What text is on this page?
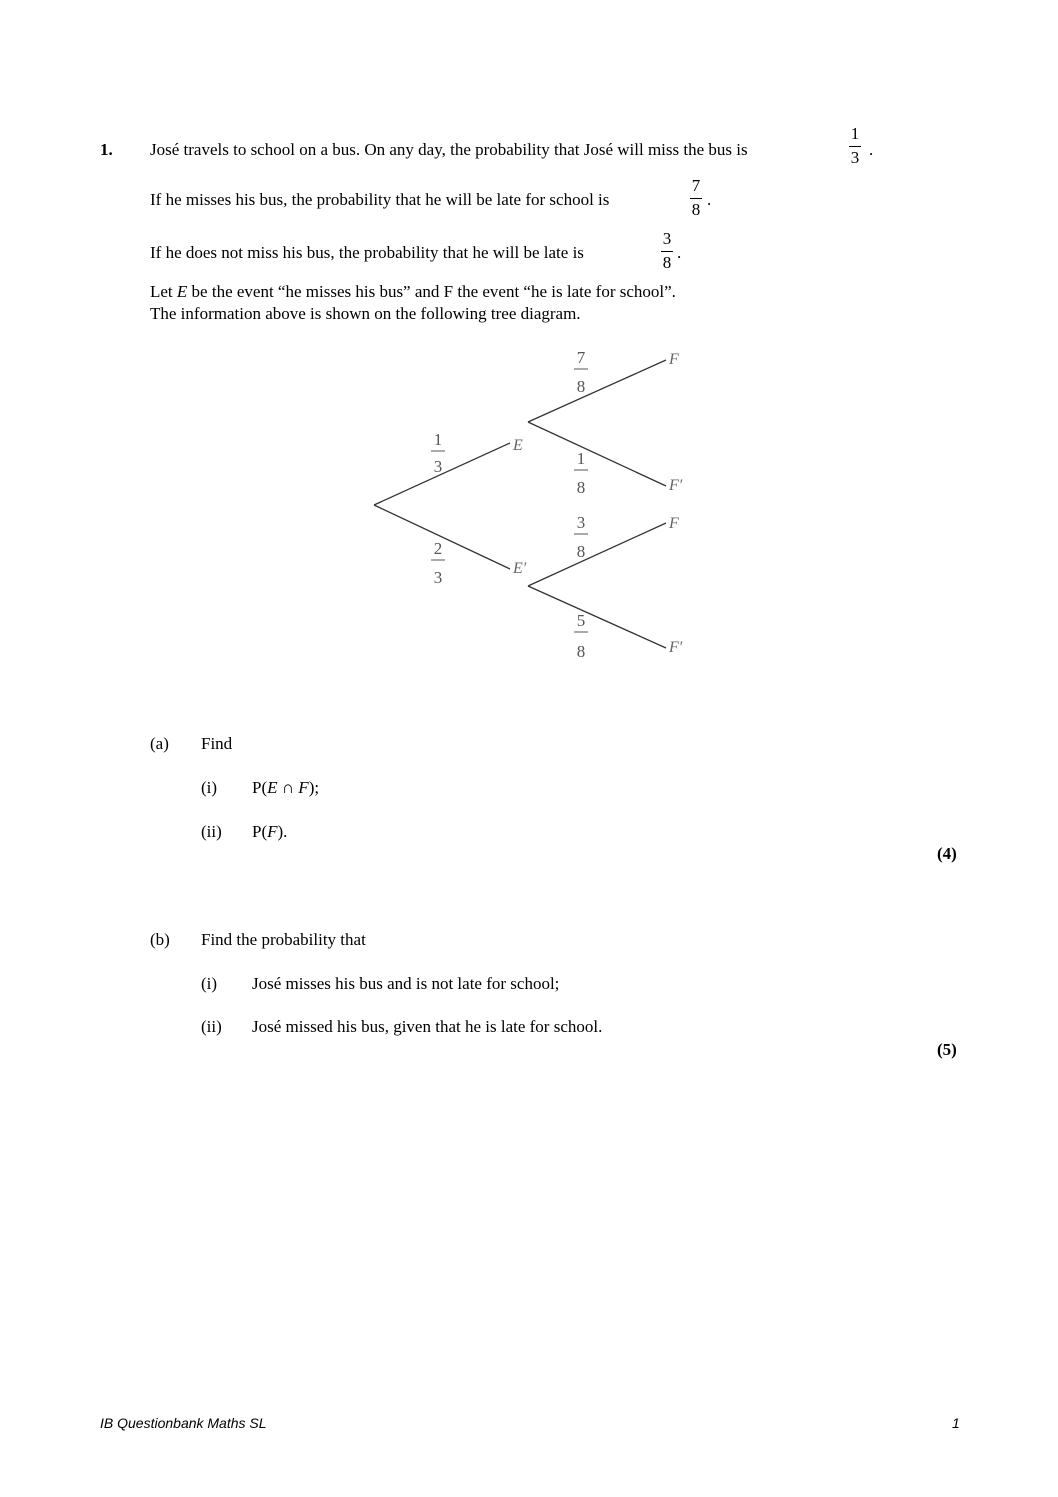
1. José travels to school on a bus. On any day, the probability that José will miss the bus is
1
3 .
If he misses his bus, the probability that he will be late for school is
7
8
.
If he does not miss his bus, the probability that he will be late is
3
8
.
Let E be the event “he misses his bus” and F the event “he is late for school”.
The information above is shown on the following tree diagram.
1
3
2
3
E
E′
7
8
1
8
3
8
5
8
F
F′
F
F′
(a) Find
(i) P(E ∩ F);
(ii) P(F).
(4)
(b) Find the probability that
(i) José misses his bus and is not late for school;
(ii) José missed his bus, given that he is late for school.
(5)
IB Questionbank Maths SL	1
